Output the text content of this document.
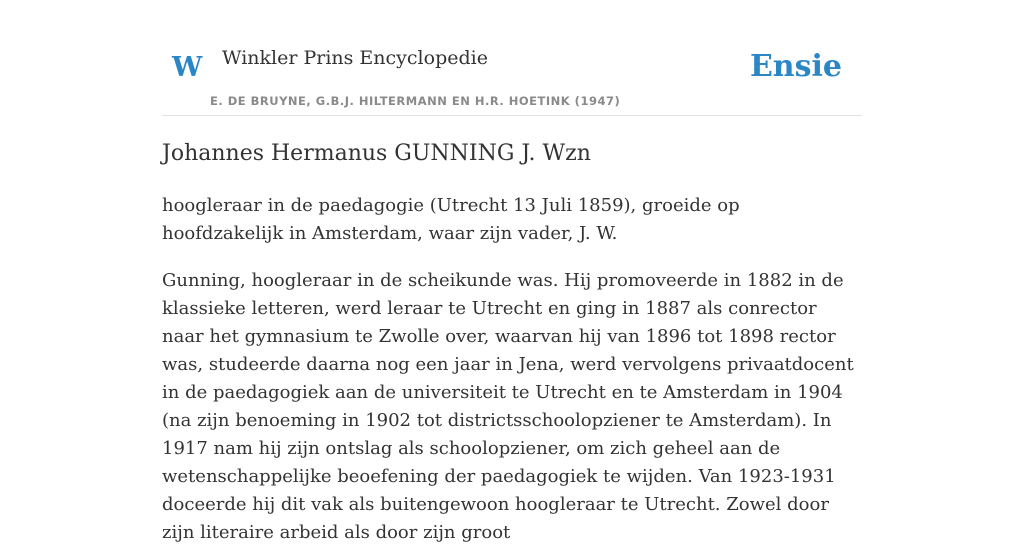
W Winkler Prins Encyclopedie
E. DE BRUYNE, G.B.J. HILTERMANN EN H.R. HOETINK (1947)
Ensie
Johannes Hermanus GUNNING J. Wzn

hoogleraar in de paedagogie (Utrecht 13 Juli 1859), groeide op hoofdzakelijk in Amsterdam, waar zijn vader, J. W.

Gunning, hoogleraar in de scheikunde was. Hij promoveerde in 1882 in de klassieke letteren, werd leraar te Utrecht en ging in 1887 als conrector naar het gymnasium te Zwolle over, waarvan hij van 1896 tot 1898 rector was, studeerde daarna nog een jaar in Jena, werd vervolgens privaatdocent in de paedagogiek aan de universiteit te Utrecht en te Amsterdam in 1904 (na zijn benoeming in 1902 tot districtsschoolopziener te Amsterdam). In 1917 nam hij zijn ontslag als schoolopziener, om zich geheel aan de wetenschappelijke beoefening der paedagogiek te wijden. Van 1923-1931 doceerde hij dit vak als buitengewoon hoogleraar te Utrecht. Zowel door zijn literaire arbeid als door zijn groot
